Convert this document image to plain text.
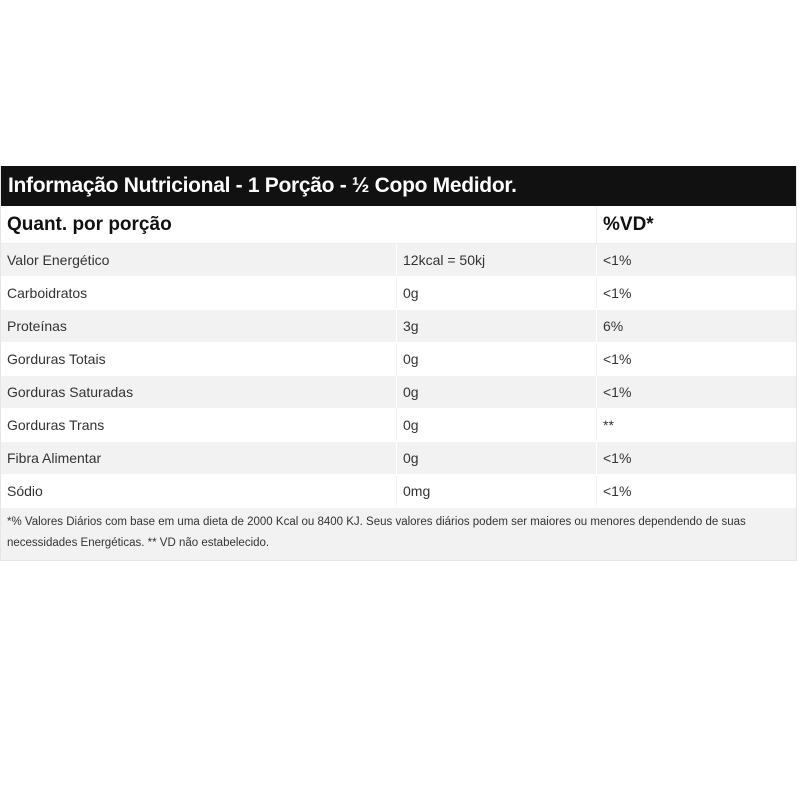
Informação Nutricional - 1 Porção - ½ Copo Medidor.
Quant. por porção	%VD*
Valor Energético	12kcal = 50kj	<1%
Carboidratos	0g	<1%
Proteínas	3g	6%
Gorduras Totais	0g	<1%
Gorduras Saturadas	0g	<1%
Gorduras Trans	0g	**
Fibra Alimentar	0g	<1%
Sódio	0mg	<1%
*% Valores Diários com base em uma dieta de 2000 Kcal ou 8400 KJ. Seus valores diários podem ser maiores ou menores dependendo de suas necessidades Energéticas. ** VD não estabelecido.
